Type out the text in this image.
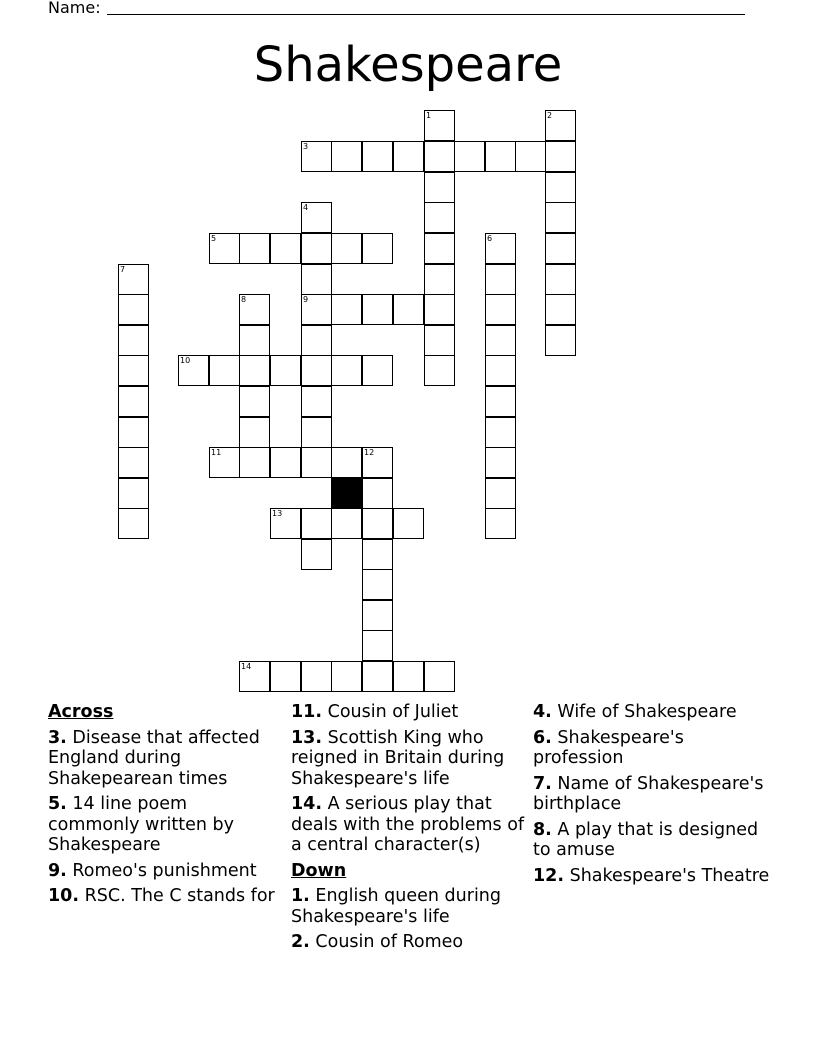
Name:
Shakespeare
1	2
3
4
5	6
7
8	9
10
11	12
13
14
Across
3. Disease that affected England during Shakepearean times
5. 14 line poem commonly written by Shakespeare
9. Romeo's punishment
10. RSC. The C stands for
11. Cousin of Juliet
13. Scottish King who reigned in Britain during Shakespeare's life
14. A serious play that deals with the problems of a central character(s)
Down
1. English queen during Shakespeare's life
2. Cousin of Romeo
4. Wife of Shakespeare
6. Shakespeare's profession
7. Name of Shakespeare's birthplace
8. A play that is designed to amuse
12. Shakespeare's Theatre
